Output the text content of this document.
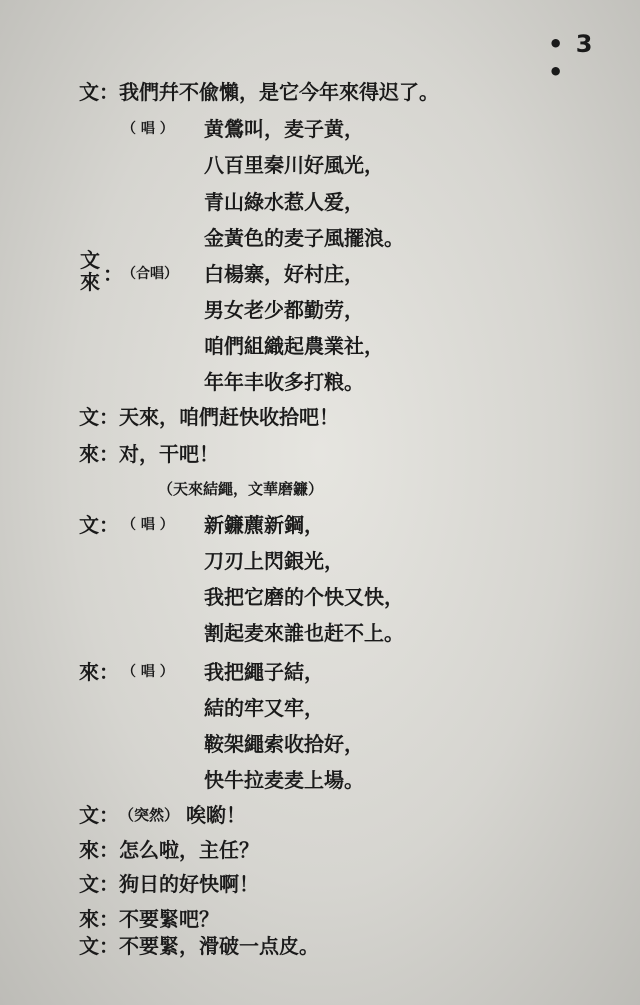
• 3 •
文： 我們幷不偸懶，是它今年來得迟了。
（ 唱 ） 黄鶯叫，麦子黄，
八百里秦川好風光，
青山綠水惹人爱，
金黃色的麦子風擺浪。
文
來 ： （合唱） 白楊寨，好村庄，
男女老少都勤劳，
咱們組織起農業社，
年年丰收多打粮。
文： 天來，咱們赶快收拾吧！
來： 对，干吧！
（天來結繩，文華磨鐮）
文： （ 唱 ） 新鐮藨新鋼，
刀刃上閃銀光，
我把它磨的个快又快，
割起麦來誰也赶不上。
來： （ 唱 ） 我把繩子結，
結的牢又牢，
鞍架繩索收拾好，
快牛拉麦麦上場。
文： （突然） 唉喲！
來： 怎么啦，主任？
文： 狗日的好快啊！
來： 不要緊吧？
文： 不要緊，滑破一点皮。
